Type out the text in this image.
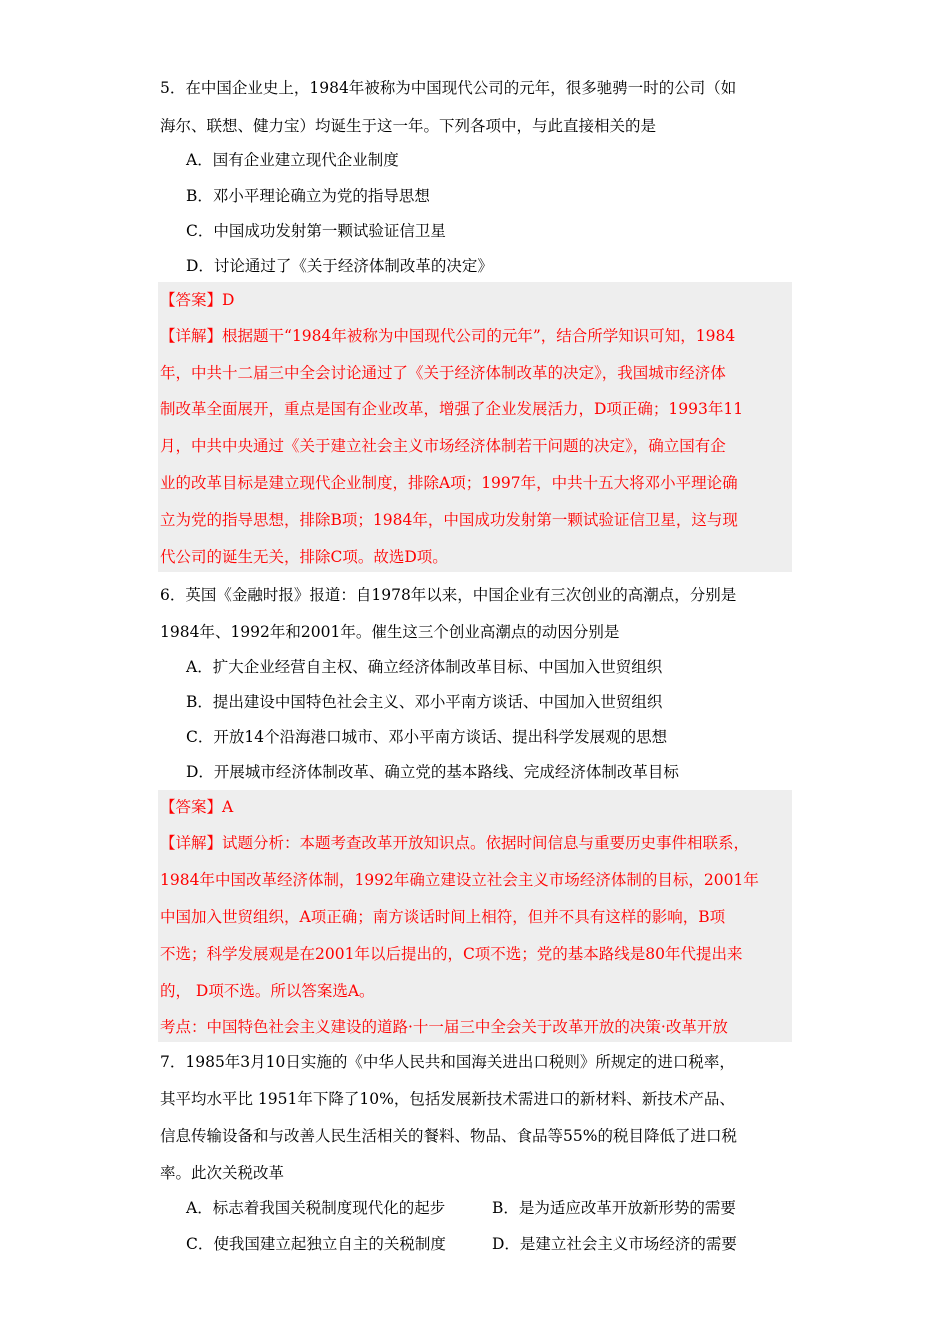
5．在中国企业史上，1984年被称为中国现代公司的元年，很多驰骋一时的公司（如
海尔、联想、健力宝）均诞生于这一年。下列各项中，与此直接相关的是
A．国有企业建立现代企业制度
B．邓小平理论确立为党的指导思想
C．中国成功发射第一颗试验证信卫星
D．讨论通过了《关于经济体制改革的决定》
【答案】D
【详解】根据题干“1984年被称为中国现代公司的元年”，结合所学知识可知，1984
年，中共十二届三中全会讨论通过了《关于经济体制改革的决定》，我国城市经济体
制改革全面展开，重点是国有企业改革，增强了企业发展活力，D项正确；1993年11
月，中共中央通过《关于建立社会主义市场经济体制若干问题的决定》，确立国有企
业的改革目标是建立现代企业制度，排除A项；1997年，中共十五大将邓小平理论确
立为党的指导思想，排除B项；1984年，中国成功发射第一颗试验证信卫星，这与现
代公司的诞生无关，排除C项。故选D项。
6．英国《金融时报》报道：自1978年以来，中国企业有三次创业的高潮点，分别是
1984年、1992年和2001年。催生这三个创业高潮点的动因分别是
A．扩大企业经营自主权、确立经济体制改革目标、中国加入世贸组织
B．提出建设中国特色社会主义、邓小平南方谈话、中国加入世贸组织
C．开放14个沿海港口城市、邓小平南方谈话、提出科学发展观的思想
D．开展城市经济体制改革、确立党的基本路线、完成经济体制改革目标
【答案】A
【详解】试题分析：本题考查改革开放知识点。依据时间信息与重要历史事件相联系，
1984年中国改革经济体制，1992年确立建设立社会主义市场经济体制的目标，2001年
中国加入世贸组织，A项正确；南方谈话时间上相符，但并不具有这样的影响，B项
不选；科学发展观是在2001年以后提出的，C项不选；党的基本路线是80年代提出来
的， D项不选。所以答案选A。
考点：中国特色社会主义建设的道路·十一届三中全会关于改革开放的决策·改革开放
7．1985年3月10日实施的《中华人民共和国海关进出口税则》所规定的进口税率，
其平均水平比 1951年下降了10%，包括发展新技术需进口的新材料、新技术产品、
信息传输设备和与改善人民生活相关的餐料、物品、食品等55%的税目降低了进口税
率。此次关税改革
A．标志着我国关税制度现代化的起步	B．是为适应改革开放新形势的需要
C．使我国建立起独立自主的关税制度	D．是建立社会主义市场经济的需要
